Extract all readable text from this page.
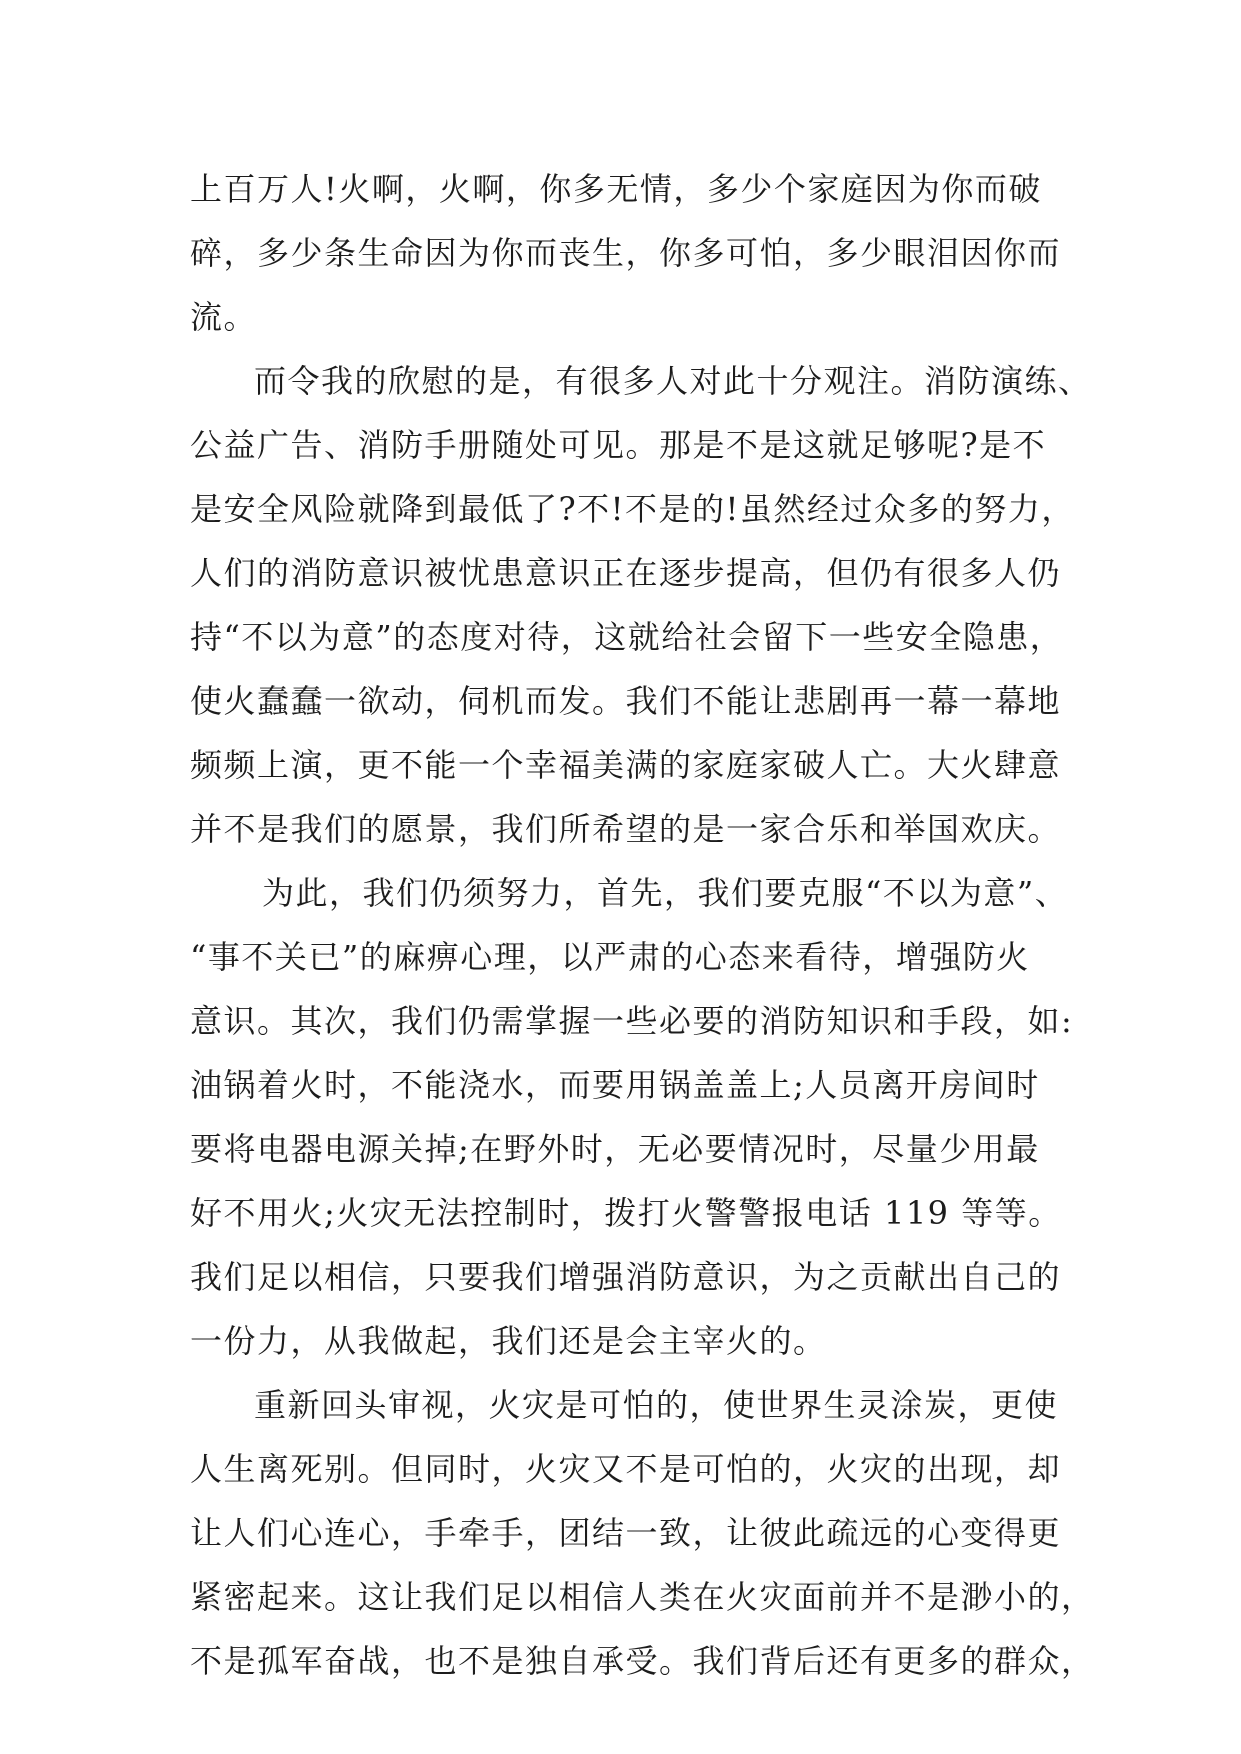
上百万人!火啊，火啊，你多无情，多少个家庭因为你而破
碎，多少条生命因为你而丧生，你多可怕，多少眼泪因你而
流。
而令我的欣慰的是，有很多人对此十分观注。消防演练、
公益广告、消防手册随处可见。那是不是这就足够呢?是不
是安全风险就降到最低了?不!不是的!虽然经过众多的努力，
人们的消防意识被忧患意识正在逐步提高，但仍有很多人仍
持“不以为意”的态度对待，这就给社会留下一些安全隐患，
使火蠢蠢一欲动，伺机而发。我们不能让悲剧再一幕一幕地
频频上演，更不能一个幸福美满的家庭家破人亡。大火肆意
并不是我们的愿景，我们所希望的是一家合乐和举国欢庆。
为此，我们仍须努力，首先，我们要克服“不以为意”、
“事不关已”的麻痹心理，以严肃的心态来看待，增强防火
意识。其次，我们仍需掌握一些必要的消防知识和手段，如:
油锅着火时，不能浇水，而要用锅盖盖上;人员离开房间时
要将电器电源关掉;在野外时，无必要情况时，尽量少用最
好不用火;火灾无法控制时，拨打火警警报电话 119 等等。
我们足以相信，只要我们增强消防意识，为之贡献出自己的
一份力，从我做起，我们还是会主宰火的。
重新回头审视，火灾是可怕的，使世界生灵涂炭，更使
人生离死别。但同时，火灾又不是可怕的，火灾的出现，却
让人们心连心，手牵手，团结一致，让彼此疏远的心变得更
紧密起来。这让我们足以相信人类在火灾面前并不是渺小的，
不是孤军奋战，也不是独自承受。我们背后还有更多的群众，
